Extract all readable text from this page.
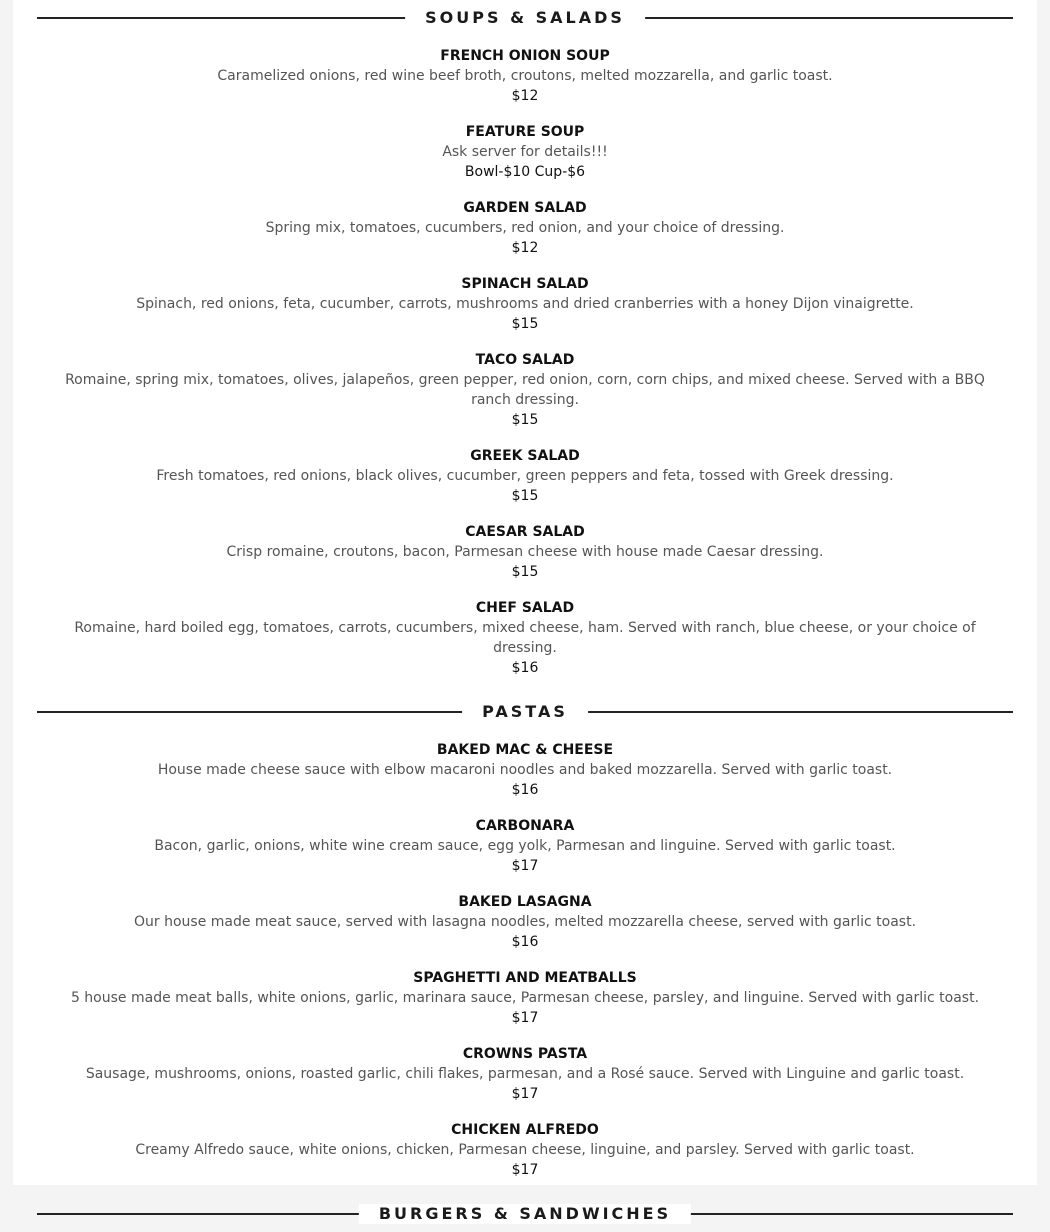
SOUPS & SALADS
FRENCH ONION SOUP
Caramelized onions, red wine beef broth, croutons, melted mozzarella, and garlic toast.
$12
FEATURE SOUP
Ask server for details!!!
Bowl-$10 Cup-$6
GARDEN SALAD
Spring mix, tomatoes, cucumbers, red onion, and your choice of dressing.
$12
SPINACH SALAD
Spinach, red onions, feta, cucumber, carrots, mushrooms and dried cranberries with a honey Dijon vinaigrette.
$15
TACO SALAD
Romaine, spring mix, tomatoes, olives, jalapeños, green pepper, red onion, corn, corn chips, and mixed cheese. Served with a BBQ ranch dressing.
$15
GREEK SALAD
Fresh tomatoes, red onions, black olives, cucumber, green peppers and feta, tossed with Greek dressing.
$15
CAESAR SALAD
Crisp romaine, croutons, bacon, Parmesan cheese with house made Caesar dressing.
$15
CHEF SALAD
Romaine, hard boiled egg, tomatoes, carrots, cucumbers, mixed cheese, ham. Served with ranch, blue cheese, or your choice of dressing.
$16
PASTAS
BAKED MAC & CHEESE
House made cheese sauce with elbow macaroni noodles and baked mozzarella. Served with garlic toast.
$16
CARBONARA
Bacon, garlic, onions, white wine cream sauce, egg yolk, Parmesan and linguine. Served with garlic toast.
$17
BAKED LASAGNA
Our house made meat sauce, served with lasagna noodles, melted mozzarella cheese, served with garlic toast.
$16
SPAGHETTI AND MEATBALLS
5 house made meat balls, white onions, garlic, marinara sauce, Parmesan cheese, parsley, and linguine. Served with garlic toast.
$17
CROWNS PASTA
Sausage, mushrooms, onions, roasted garlic, chili flakes, parmesan, and a Rosé sauce. Served with Linguine and garlic toast.
$17
CHICKEN ALFREDO
Creamy Alfredo sauce, white onions, chicken, Parmesan cheese, linguine, and parsley. Served with garlic toast.
$17
BURGERS & SANDWICHES
